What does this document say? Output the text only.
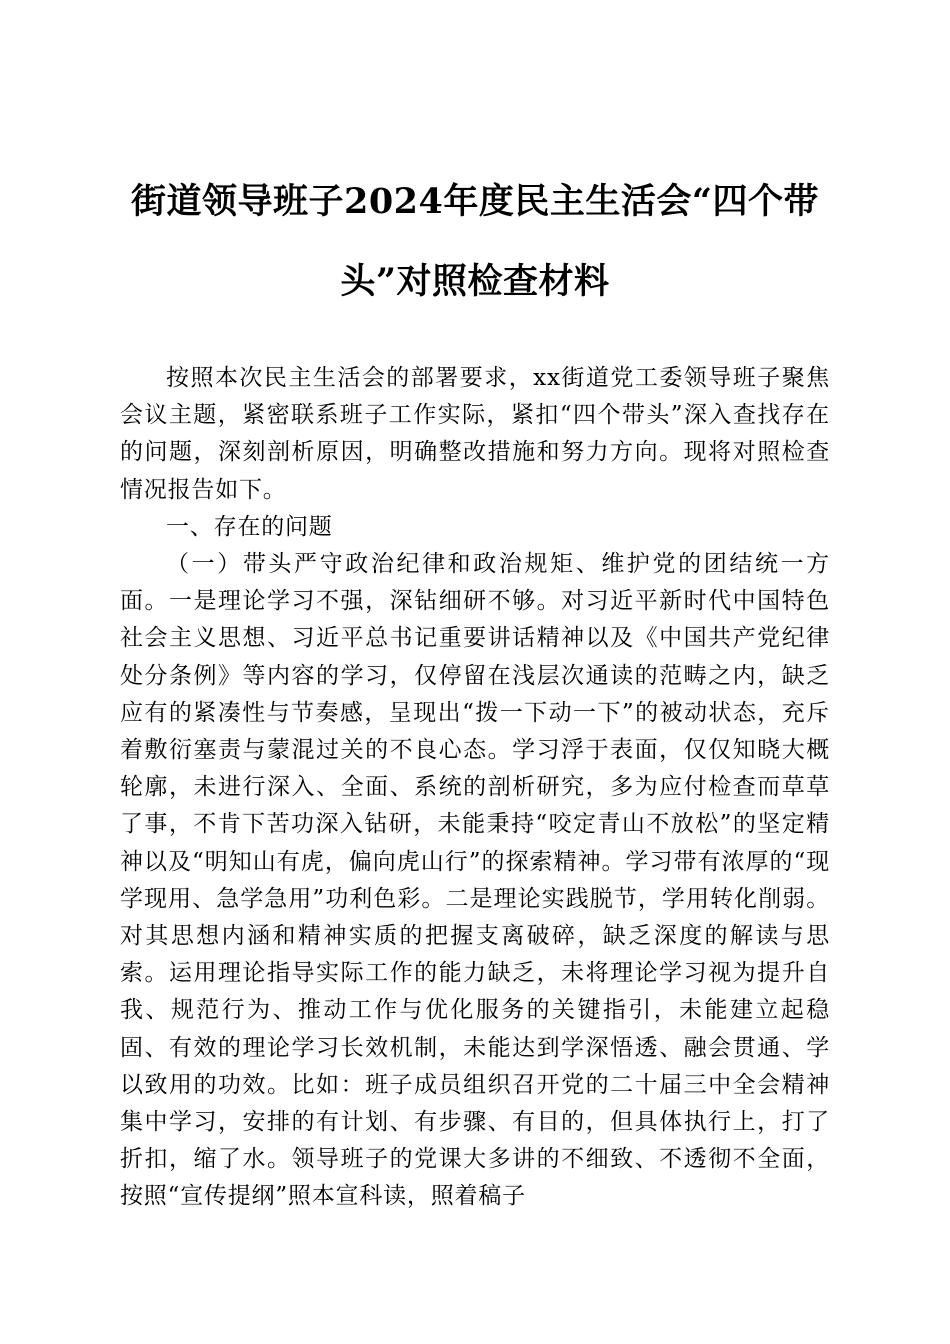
街道领导班子2024年度民主生活会“四个带头”对照检查材料

按照本次民主生活会的部署要求，xx街道党工委领导班子聚焦会议主题，紧密联系班子工作实际，紧扣“四个带头”深入查找存在的问题，深刻剖析原因，明确整改措施和努力方向。现将对照检查情况报告如下。

一、存在的问题

（一）带头严守政治纪律和政治规矩、维护党的团结统一方面。一是理论学习不强，深钻细研不够。对习近平新时代中国特色社会主义思想、习近平总书记重要讲话精神以及《中国共产党纪律处分条例》等内容的学习，仅停留在浅层次通读的范畴之内，缺乏应有的紧凑性与节奏感，呈现出“拨一下动一下”的被动状态，充斥着敷衍塞责与蒙混过关的不良心态。学习浮于表面，仅仅知晓大概轮廓，未进行深入、全面、系统的剖析研究，多为应付检查而草草了事，不肯下苦功深入钻研，未能秉持“咬定青山不放松”的坚定精神以及“明知山有虎，偏向虎山行”的探索精神。学习带有浓厚的“现学现用、急学急用”功利色彩。二是理论实践脱节，学用转化削弱。对其思想内涵和精神实质的把握支离破碎，缺乏深度的解读与思索。运用理论指导实际工作的能力缺乏，未将理论学习视为提升自我、规范行为、推动工作与优化服务的关键指引，未能建立起稳固、有效的理论学习长效机制，未能达到学深悟透、融会贯通、学以致用的功效。比如：班子成员组织召开党的二十届三中全会精神集中学习，安排的有计划、有步骤、有目的，但具体执行上，打了折扣，缩了水。领导班子的党课大多讲的不细致、不透彻不全面，按照“宣传提纲”照本宣科读，照着稿子
